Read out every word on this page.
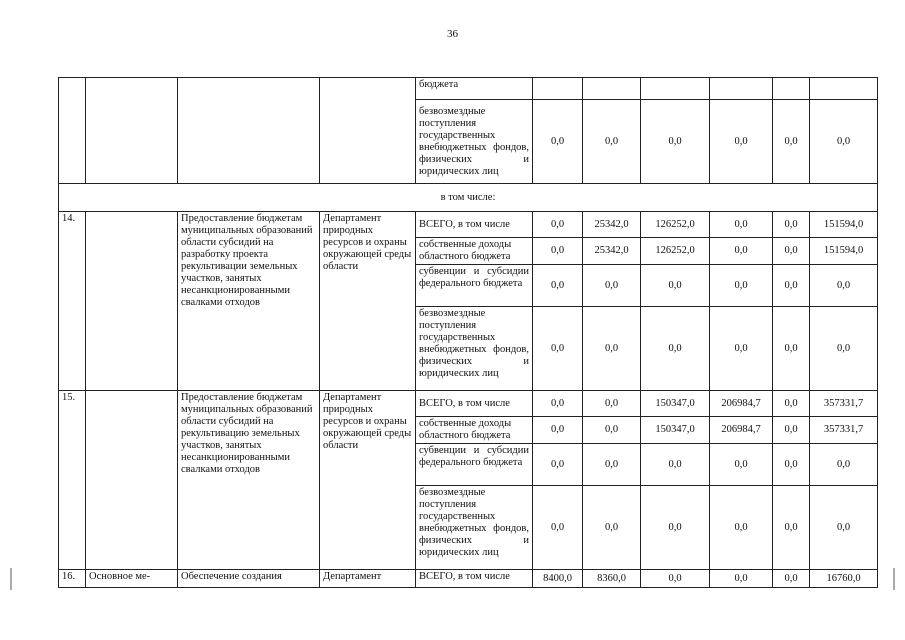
36
				бюджета						
				безвозмездные поступления государственных внебюджетных фондов, физических и юридических лиц	0,0	0,0	0,0	0,0	0,0	0,0
в том числе:										
14.		Предоставление бюджетам муниципальных образований области субсидий на разработку проекта рекультивации земельных участков, занятых несанкционированными свалками отходов	Департамент природных ресурсов и охраны окружающей среды области	ВСЕГО, в том числе	0,0	25342,0	126252,0	0,0	0,0	151594,0
				собственные доходы областного бюджета	0,0	25342,0	126252,0	0,0	0,0	151594,0
				субвенции и субсидии федерального бюджета	0,0	0,0	0,0	0,0	0,0	0,0
				безвозмездные поступления государственных внебюджетных фондов, физических и юридических лиц	0,0	0,0	0,0	0,0	0,0	0,0
15.		Предоставление бюджетам муниципальных образований области субсидий на рекультивацию земельных участков, занятых несанкционированными свалками отходов	Департамент природных ресурсов и охраны окружающей среды области	ВСЕГО, в том числе	0,0	0,0	150347,0	206984,7	0,0	357331,7
				собственные доходы областного бюджета	0,0	0,0	150347,0	206984,7	0,0	357331,7
				субвенции и субсидии федерального бюджета	0,0	0,0	0,0	0,0	0,0	0,0
				безвозмездные поступления государственных внебюджетных фондов, физических и юридических лиц	0,0	0,0	0,0	0,0	0,0	0,0
16.	Основное ме-	Обеспечение создания	Департамент	ВСЕГО, в том числе	8400,0	8360,0	0,0	0,0	0,0	16760,0
